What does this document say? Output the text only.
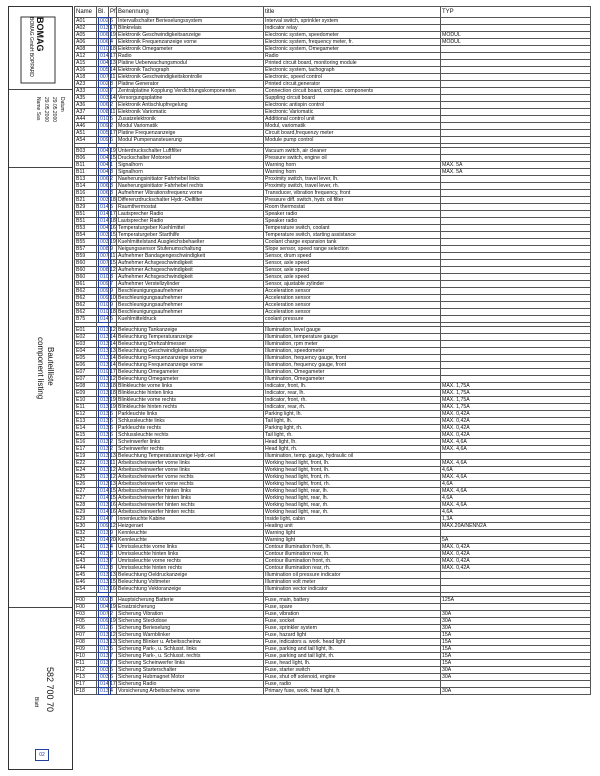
BOMAG
BOMAG GmbH BOPPARD
Datum
29.05.2000
29.05.2000
Name Sas
Bauteilliste
component listing
582 700 70
Blatt
02
Name	Bl.	Pf.	Benennung	title	TYP
A01	002	6	Intervallschalter Berieselungssystem	Interval switch, sprinkler system	
A02	013	17	Blinkrelais	Indicator relay	
A05	006	19	Elektronik Geschwindigkeitsanzeige	Electronic system, speedometer	MODUL
A06	006	4	Elektronik Frequenzanzeige vorne	Electronic system, frequency meter, fr.	MODUL
A08	010	18	Elektronik Omegameter	Electronic system, Omegameter	
A12	014	17	Radio	Radio	
A15	004	13	Platine Ueberwachungsmodul	Printed circuit board, monitoring module	
A16	005	14	Elektronik Tachograph	Electronic system, tachograph	
A18	007	11	Elektronik Geschwindigkeitskontrolle	Electronic, speed control	
A23	002	8	Platine Generator	Printed circuit,generator	
A33	002	7	Zentralplatine Kopplung Verdichtungskomponenten	Connection circuit board, compac. components	
A35	003	14	Versorgungsplatine	Suppling circuit board	
A36	006	2	Elektronik Antischlupfregelung	Electronic antispin control	
A37	008	11	Elektronik Variomatic	Electronic Variomatic	
A44	010	5	Zusatzelektronik	Additional control unit	
A46	009	2	Modul Variomatik	Modul, variomatik	
A51	005	17	Platine Frequenzanzeige	Circuit board,frequenzy meter	
A54	009	6	Modul Pumpenansteuerung	Module pump control	

B03	004	19	Unterdruckschalter Luftfilter	Vacuum switch, air cleaner	
B06	004	15	Druckschalter Motoroel	Pressure switch, engine oil	
B11	004	1	Signalhorn	Warning horn	MAX. 5A
B11	004	3	Signalhorn	Warning horn	MAX. 5A
B13	006	2	Naeherungsinitiator Fahrhebel links	Proximity switch, travel lever, lh.	
B14	006	3	Naeherungsinitiator Fahrhebel rechts	Proximity switch, travel lever, rh.	
B16	006	3	Aufnehmer Vibrationsfrequenz vorne	Transducer, vibration frequency, front	
B21	003	18	Differenzdruckschalter Hydr.-Oelfilter	Pressure diff. switch, hydr. oil filter	
B29	014	5	Raumthermostat	Room thermostat	
B51	014	17	Lautsprecher Radio	Speaker radio	
B51	014	18	Lautsprecher Radio	Speaker radio	
B53	004	16	Temperaturgeber Kuehlmittel	Temperature switch, coolant	
B54	003	15	Temperaturgeber Starthilfe	Temperature switch, starting assistance	
B55	003	19	Kuehlmittelstand Ausgleichsbehaelter	Coolant charge expansion tank	
B57	008	9	Neigungssensor Stufenumschaltung	Slope sensor, speed range selection	
B59	007	11	Aufnehmer Bandagengeschwindigkeit	Sensor, drum speed	
B60	007	15	Aufnehmer Achsgeschwindigkeit	Sensor, axle speed	
B60	008	12	Aufnehmer Achsgeschwindigkeit	Sensor, axle speed	
B60	010	3	Aufnehmer Achsgeschwindigkeit	Sensor, axle speed	
B61	009	7	Aufnehmer Verstellzylinder	Sensor, ajustable zylinder	
B62	009	9	Beschleunigungsaufnehmer	Acceleration sensor	
B62	009	10	Beschleunigungsaufnehmer	Acceleration sensor	
B62	010	9	Beschleunigungsaufnehmer	Acceleration sensor	
B62	010	18	Beschleunigungsaufnehmer	Acceleration sensor	
B75	014	5	Kuehlmitteldruck	coolant pressure	

E01	013	12	Beleuchtung Tankanzeige	Illumination, level gauge	
E02	013	14	Beleuchtung Temperaturanzeige	Illumination, temperature gauge	
E03	013	14	Beleuchtung Drehzahlmesser	Illumination, rpm meter	
E04	013	13	Beleuchtung Geschwindigkeitsanzeige	Illumination, speedometer	
E05	013	14	Beleuchtung Frequenzanzeige vorne	Illumination, frequency gauge, front	
E06	013	14	Beleuchtung Frequenzanzeige vorne	Illumination, frequency gauge, front	
E07	010	17	Beleuchtung Omegameter	Illumination, Omegameter	
E07	013	12	Beleuchtung Omegameter	Illumination, Omegameter	
E08	013	18	Blinkleuchte vorne links	Indicator, front, lh.	MAX. 1,75A
E09	013	18	Blinkleuchte hinten links	Indicator, rear, lh.	MAX. 1,75A
E10	013	19	Blinkleuchte vorne rechts	Indicator, front, rh.	MAX. 1,75A
E11	013	19	Blinkleuchte hinten rechts	Indicator, rear, rh.	MAX. 1,75A
E12	013	6	Parkleuchte links	Parking light, lh.	MAX. 0,42A
E13	013	5	Schlussleuchte links	Tail light, lh.	MAX. 0,42A
E14	013	6	Parkleuchte rechts	Parking light, rh.	MAX. 0,42A
E15	013	6	Schlussleuchte rechts	Tail light, rh.	MAX. 0,42A
E16	013	2	Scheinwerfer links	Head light, lh.	MAX. 4,6A
E17	013	2	Scheinwerfer rechts	Head light, rh.	MAX. 4,6A
E19	013	13	Beleuchtung Temperaturanzeige Hydr.-oel	Illumination, temp. gauge, hydraulic oil	
E22	013	11	Arbeitsscheinwerfer vorne links	Working head light, front, lh.	MAX. 4,6A
E24	013	12	Arbeitsscheinwerfer vorne links	Working head light, front, lh.	4,6A
E25	013	12	Arbeitsscheinwerfer vorne rechts	Working head light, front, rh.	MAX. 4,6A
E26	013	13	Arbeitsscheinwerfer vorne rechts	Working head light, front, rh.	4,6A
E27	014	15	Arbeitsscheinwerfer hinten links	Working head light, rear, lh.	MAX. 4,6A
E27	014	15	Arbeitsscheinwerfer hinten links	Working head light, rear, lh.	4,6A
E28	013	16	Arbeitsscheinwerfer hinten rechts	Working head light, rear, rh.	MAX. 4,6A
E29	014	16	Arbeitsscheinwerfer hinten rechts	Working head light, rear, rh.	4,6A
E29	014	7	Innenleuchte Kabine	Inside light, cabin	1,3A
E30	009	12	Heizgeraet	Heating unit	MAX.20A/NENN2A
E32	013	9	Kennleuchte	Warning light	
E32	014	20	Kennleuchte	Warning light	5A
E41	013	4	Umrissleuchte vorne links	Contour illumination front, lh.	MAX. 0,42A
E42	013	3	Umrissleuchte hinten links	Contour illumination rear, lh.	MAX. 0,42A
E43	013	7	Umrissleuchte vorne rechts	Contour illumination front, rh.	MAX. 0,42A
E44	013	8	Umrissleuchte hinten rechts	Contour illumination rear, rh.	MAX. 0,42A
E45	013	13	Beleuchtung Oeldruckanzeige	Illumination oil pressure indicator	
E46	013	15	Beleuchtung Voltmeter	Illumination volt meter	
E54	013	16	Beleuchtung Vektoranzeige	Illumination vector indicator	

F00	002	3	Hauptsicherung Batterie	Fuse, main, battery	125A
F00	004	19	Ersatzsicherung	Fuse, spare	
F03	007	2	Sicherung Vibration	Fuse, vibration	30A
F05	009	19	Sicherung Steckdose	Fuse, socket	30A
F06	012	6	Sicherung Berieselung	Fuse, sprinkler system	30A
F07	013	12	Sicherung Warnblinker	Fuse, hazard light	15A
F08	013	13	Sicherung Blinker u. Arbeitsscheinw.	Fuse, indicators a. work. head light	15A
F09	013	5	Sicherung Park-, u. Schlusst. links	Fuse, parking and tail light, lh.	15A
F10	013	7	Sicherung Park-, u. Schlusst. rechts	Fuse, parking and tail light, rh.	15A
F11	013	7	Sicherung Scheinwerfer links	Fuse, head light, lh.	15A
F12	003	5	Sicherung Starterschalter	Fuse, starter switch	30A
F13	003	6	Sicherung Hubmagnet Motor	Fuse, shut off solenoid, engine	30A
F17	014	17	Sicherung Radio	Fuse, radio	
F18	013	4	Vorsicherung Arbeitsscheinw. vorne	Primary fuse, work. head light, fr.	30A
